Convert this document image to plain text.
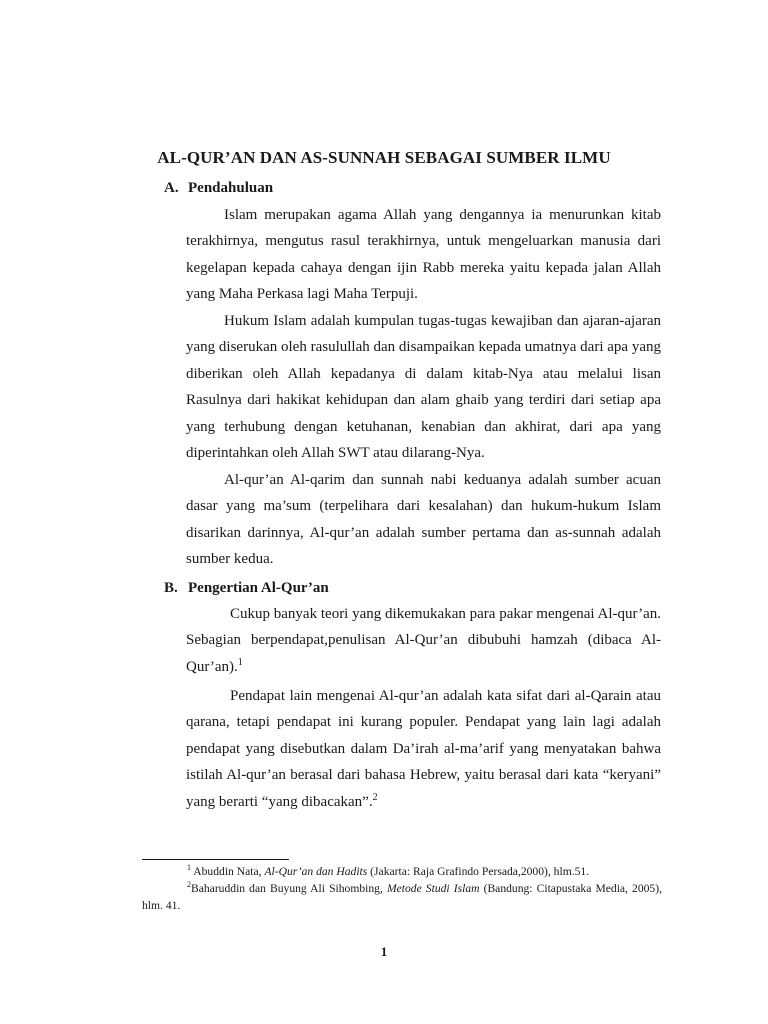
AL-QUR’AN DAN AS-SUNNAH SEBAGAI SUMBER ILMU
A. Pendahuluan

Islam merupakan agama Allah yang dengannya ia menurunkan kitab terakhirnya, mengutus rasul terakhirnya, untuk mengeluarkan manusia dari kegelapan kepada cahaya dengan ijin Rabb mereka yaitu kepada jalan Allah yang Maha Perkasa lagi Maha Terpuji.

Hukum Islam adalah kumpulan tugas-tugas kewajiban dan ajaran-ajaran yang diserukan oleh rasulullah dan disampaikan kepada umatnya dari apa yang diberikan oleh Allah kepadanya di dalam kitab-Nya atau melalui lisan Rasulnya dari hakikat kehidupan dan alam ghaib yang terdiri dari setiap apa yang terhubung dengan ketuhanan, kenabian dan akhirat, dari apa yang diperintahkan oleh Allah SWT atau dilarang-Nya.

Al-qur’an Al-qarim dan sunnah nabi keduanya adalah sumber acuan dasar yang ma’sum (terpelihara dari kesalahan) dan hukum-hukum Islam disarikan darinnya, Al-qur’an adalah sumber pertama dan as-sunnah adalah sumber kedua.

B. Pengertian Al-Qur’an

Cukup banyak teori yang dikemukakan para pakar mengenai Al-qur’an. Sebagian berpendapat,penulisan Al-Qur’an dibubuhi hamzah (dibaca Al- Qur’an).$^1$

Pendapat lain mengenai Al-qur’an adalah kata sifat dari al-Qarain atau qarana, tetapi pendapat ini kurang populer. Pendapat yang lain lagi adalah pendapat yang disebutkan dalam Da’irah al-ma’arif yang menyatakan bahwa istilah Al-qur’an berasal dari bahasa Hebrew, yaitu berasal dari kata “keryani” yang berarti “yang dibacakan”.$^2$

$^1$ Abuddin Nata, Al-Qur’an dan Hadits (Jakarta: Raja Grafindo Persada,2000), hlm.51.

$^2$Baharuddin dan Buyung Ali Sihombing, Metode Studi Islam (Bandung: Citapustaka Media, 2005), hlm. 41.

1
